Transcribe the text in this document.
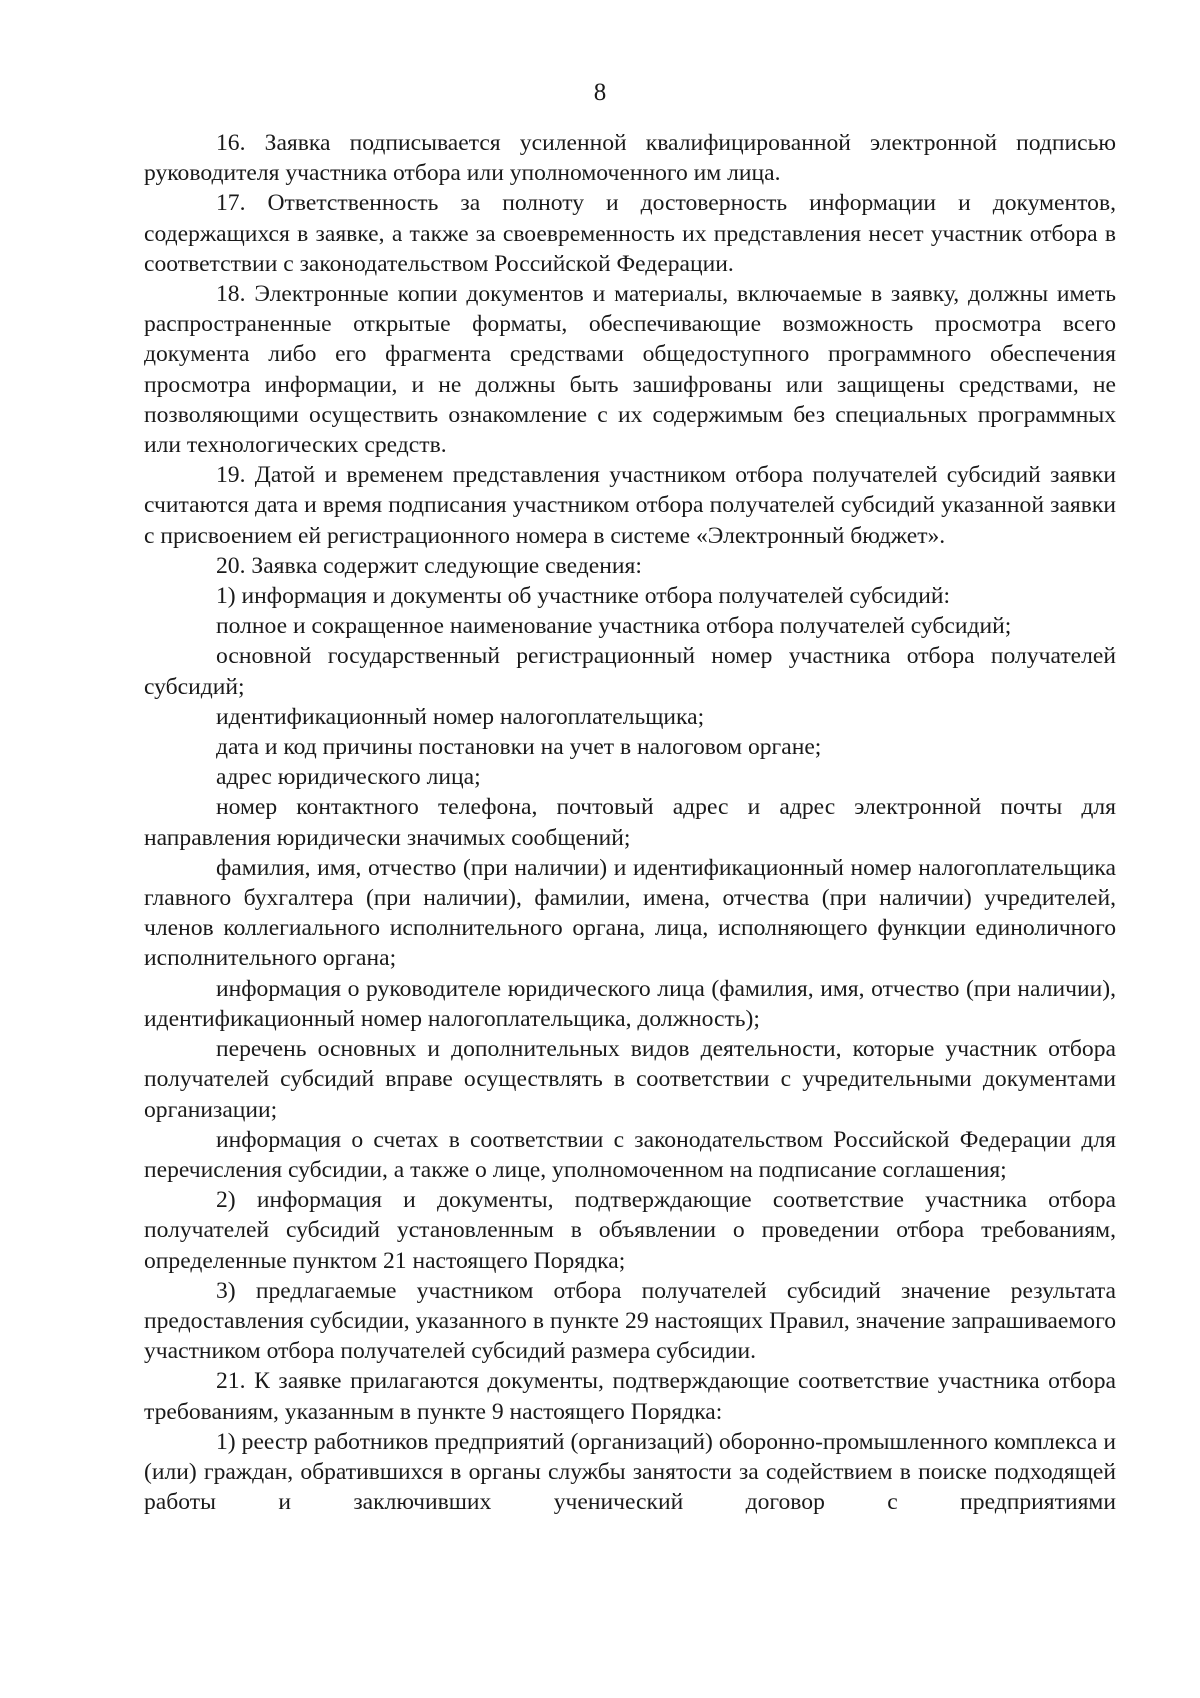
8

16. Заявка подписывается усиленной квалифицированной электронной подписью руководителя участника отбора или уполномоченного им лица.

17. Ответственность за полноту и достоверность информации и документов, содержащихся в заявке, а также за своевременность их представления несет участник отбора в соответствии с законодательством Российской Федерации.

18. Электронные копии документов и материалы, включаемые в заявку, должны иметь распространенные открытые форматы, обеспечивающие возможность просмотра всего документа либо его фрагмента средствами общедоступного программного обеспечения просмотра информации, и не должны быть зашифрованы или защищены средствами, не позволяющими осуществить ознакомление с их содержимым без специальных программных или технологических средств.

19. Датой и временем представления участником отбора получателей субсидий заявки считаются дата и время подписания участником отбора получателей субсидий указанной заявки с присвоением ей регистрационного номера в системе «Электронный бюджет».

20. Заявка содержит следующие сведения:

1) информация и документы об участнике отбора получателей субсидий:

полное и сокращенное наименование участника отбора получателей субсидий;

основной государственный регистрационный номер участника отбора получателей субсидий;

идентификационный номер налогоплательщика;

дата и код причины постановки на учет в налоговом органе;

адрес юридического лица;

номер контактного телефона, почтовый адрес и адрес электронной почты для направления юридически значимых сообщений;

фамилия, имя, отчество (при наличии) и идентификационный номер налогоплательщика главного бухгалтера (при наличии), фамилии, имена, отчества (при наличии) учредителей, членов коллегиального исполнительного органа, лица, исполняющего функции единоличного исполнительного органа;

информация о руководителе юридического лица (фамилия, имя, отчество (при наличии), идентификационный номер налогоплательщика, должность);

перечень основных и дополнительных видов деятельности, которые участник отбора получателей субсидий вправе осуществлять в соответствии с учредительными документами организации;

информация о счетах в соответствии с законодательством Российской Федерации для перечисления субсидии, а также о лице, уполномоченном на подписание соглашения;

2) информация и документы, подтверждающие соответствие участника отбора получателей субсидий установленным в объявлении о проведении отбора требованиям, определенные пунктом 21 настоящего Порядка;

3) предлагаемые участником отбора получателей субсидий значение результата предоставления субсидии, указанного в пункте 29 настоящих Правил, значение запрашиваемого участником отбора получателей субсидий размера субсидии.

21. К заявке прилагаются документы, подтверждающие соответствие участника отбора требованиям, указанным в пункте 9 настоящего Порядка:

1) реестр работников предприятий (организаций) оборонно-промышленного комплекса и (или) граждан, обратившихся в органы службы занятости за содействием в поиске подходящей работы и заключивших ученический договор с предприятиями
